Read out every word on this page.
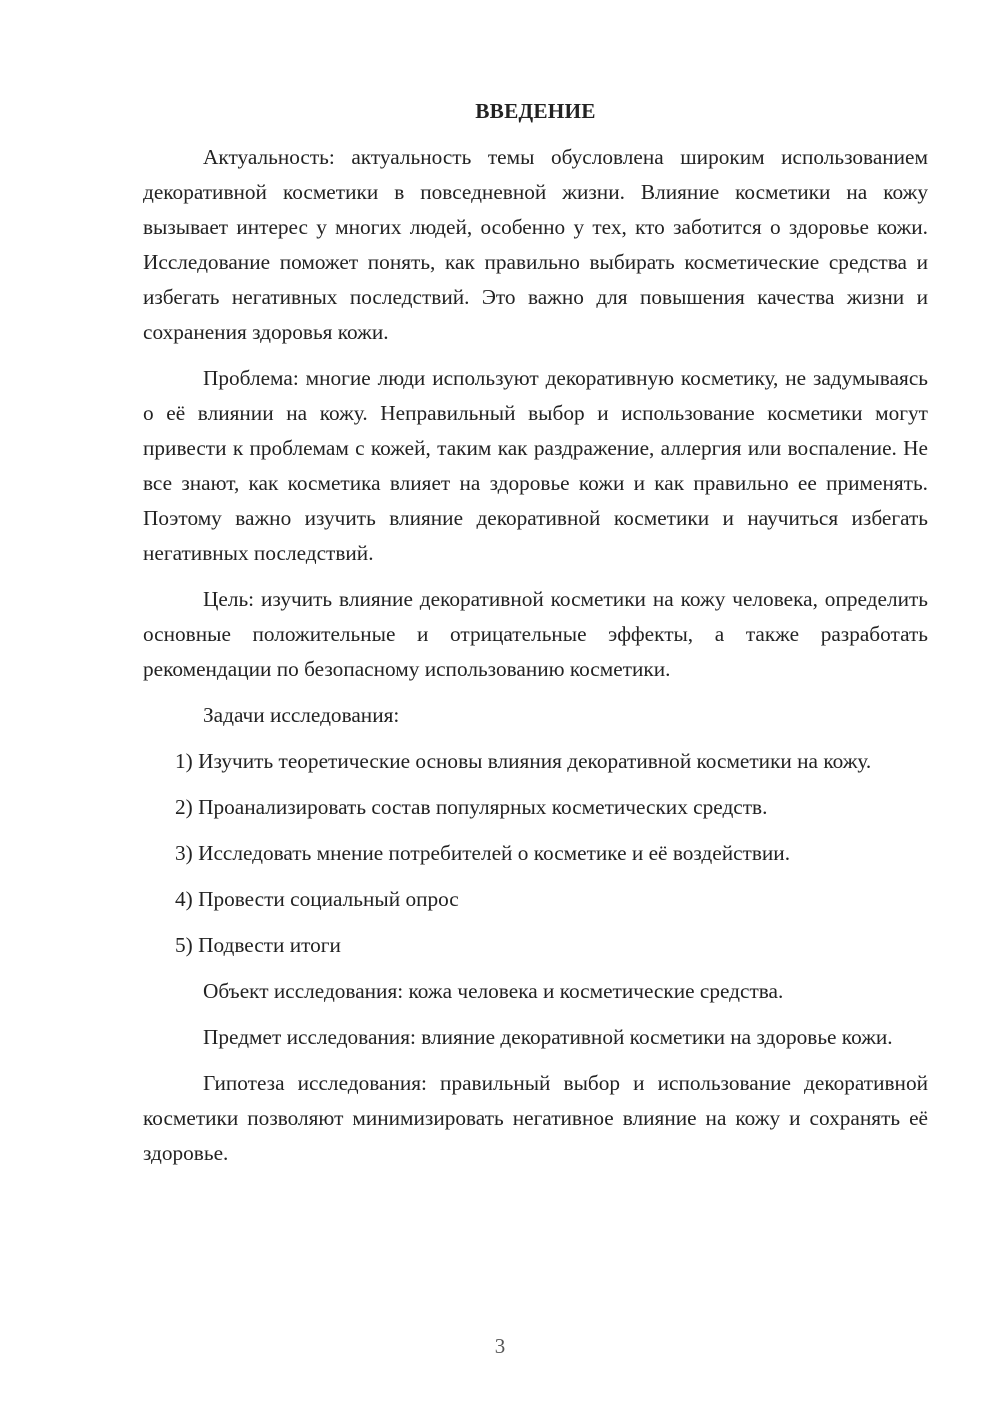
ВВЕДЕНИЕ

Актуальность: актуальность темы обусловлена широким использованием декоративной косметики в повседневной жизни. Влияние косметики на кожу вызывает интерес у многих людей, особенно у тех, кто заботится о здоровье кожи. Исследование поможет понять, как правильно выбирать косметические средства и избегать негативных последствий. Это важно для повышения качества жизни и сохранения здоровья кожи.

Проблема: многие люди используют декоративную косметику, не задумываясь о её влиянии на кожу. Неправильный выбор и использование косметики могут привести к проблемам с кожей, таким как раздражение, аллергия или воспаление. Не все знают, как косметика влияет на здоровье кожи и как правильно ее применять. Поэтому важно изучить влияние декоративной косметики и научиться избегать негативных последствий.

Цель: изучить влияние декоративной косметики на кожу человека, определить основные положительные и отрицательные эффекты, а также разработать рекомендации по безопасному использованию косметики.

Задачи исследования:

1) Изучить теоретические основы влияния декоративной косметики на кожу.

2) Проанализировать состав популярных косметических средств.

3) Исследовать мнение потребителей о косметике и её воздействии.

4) Провести социальный опрос

5) Подвести итоги

Объект исследования: кожа человека и косметические средства.

Предмет исследования: влияние декоративной косметики на здоровье кожи.

Гипотеза исследования: правильный выбор и использование декоративной косметики позволяют минимизировать негативное влияние на кожу и сохранять её здоровье.

3
